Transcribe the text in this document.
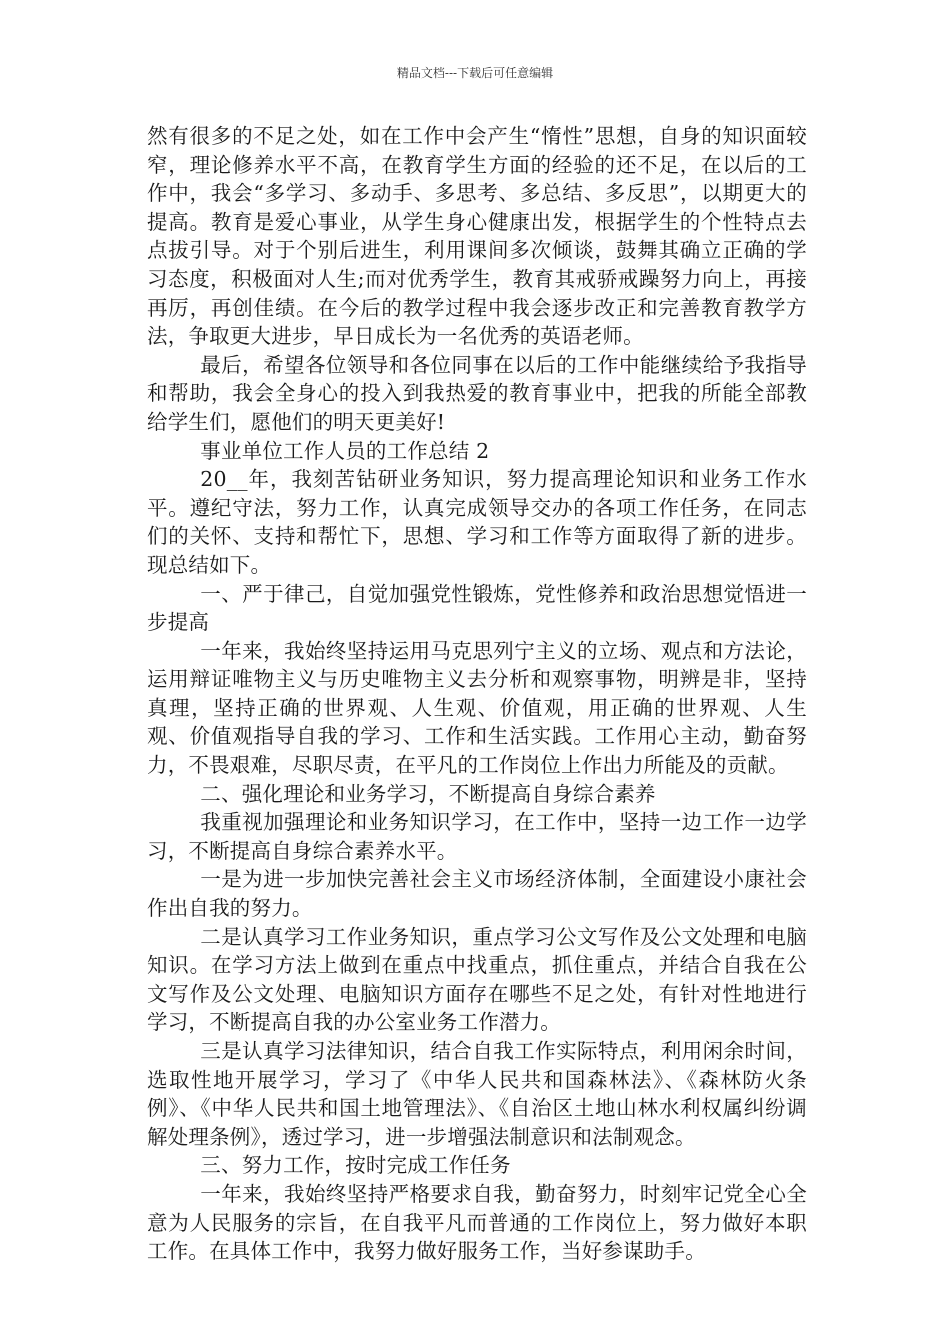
精品文档---下载后可任意编辑

然有很多的不足之处，如在工作中会产生“惰性”思想，自身的知识面较窄，理论修养水平不高，在教育学生方面的经验的还不足，在以后的工作中，我会“多学习、多动手、多思考、多总结、多反思”，以期更大的提高。教育是爱心事业，从学生身心健康出发，根据学生的个性特点去点拔引导。对于个别后进生，利用课间多次倾谈，鼓舞其确立正确的学习态度，积极面对人生;而对优秀学生，教育其戒骄戒躁努力向上，再接再厉，再创佳绩。在今后的教学过程中我会逐步改正和完善教育教学方法，争取更大进步，早日成长为一名优秀的英语老师。

最后，希望各位领导和各位同事在以后的工作中能继续给予我指导和帮助，我会全身心的投入到我热爱的教育事业中，把我的所能全部教给学生们，愿他们的明天更美好!

事业单位工作人员的工作总结 2

20__年，我刻苦钻研业务知识，努力提高理论知识和业务工作水平。遵纪守法，努力工作，认真完成领导交办的各项工作任务，在同志们的关怀、支持和帮忙下，思想、学习和工作等方面取得了新的进步。现总结如下。

一、严于律己，自觉加强党性锻炼，党性修养和政治思想觉悟进一步提高

一年来，我始终坚持运用马克思列宁主义的立场、观点和方法论，运用辩证唯物主义与历史唯物主义去分析和观察事物，明辨是非，坚持真理，坚持正确的世界观、人生观、价值观，用正确的世界观、人生观、价值观指导自我的学习、工作和生活实践。工作用心主动，勤奋努力，不畏艰难，尽职尽责，在平凡的工作岗位上作出力所能及的贡献。

二、强化理论和业务学习，不断提高自身综合素养

我重视加强理论和业务知识学习，在工作中，坚持一边工作一边学习，不断提高自身综合素养水平。

一是为进一步加快完善社会主义市场经济体制，全面建设小康社会作出自我的努力。

二是认真学习工作业务知识，重点学习公文写作及公文处理和电脑知识。在学习方法上做到在重点中找重点，抓住重点，并结合自我在公文写作及公文处理、电脑知识方面存在哪些不足之处，有针对性地进行学习，不断提高自我的办公室业务工作潜力。

三是认真学习法律知识，结合自我工作实际特点，利用闲余时间，选取性地开展学习，学习了《中华人民共和国森林法》、《森林防火条例》、《中华人民共和国土地管理法》、《自治区土地山林水利权属纠纷调解处理条例》，透过学习，进一步增强法制意识和法制观念。

三、努力工作，按时完成工作任务

一年来，我始终坚持严格要求自我，勤奋努力，时刻牢记党全心全意为人民服务的宗旨，在自我平凡而普通的工作岗位上，努力做好本职工作。在具体工作中，我努力做好服务工作，当好参谋助手。
